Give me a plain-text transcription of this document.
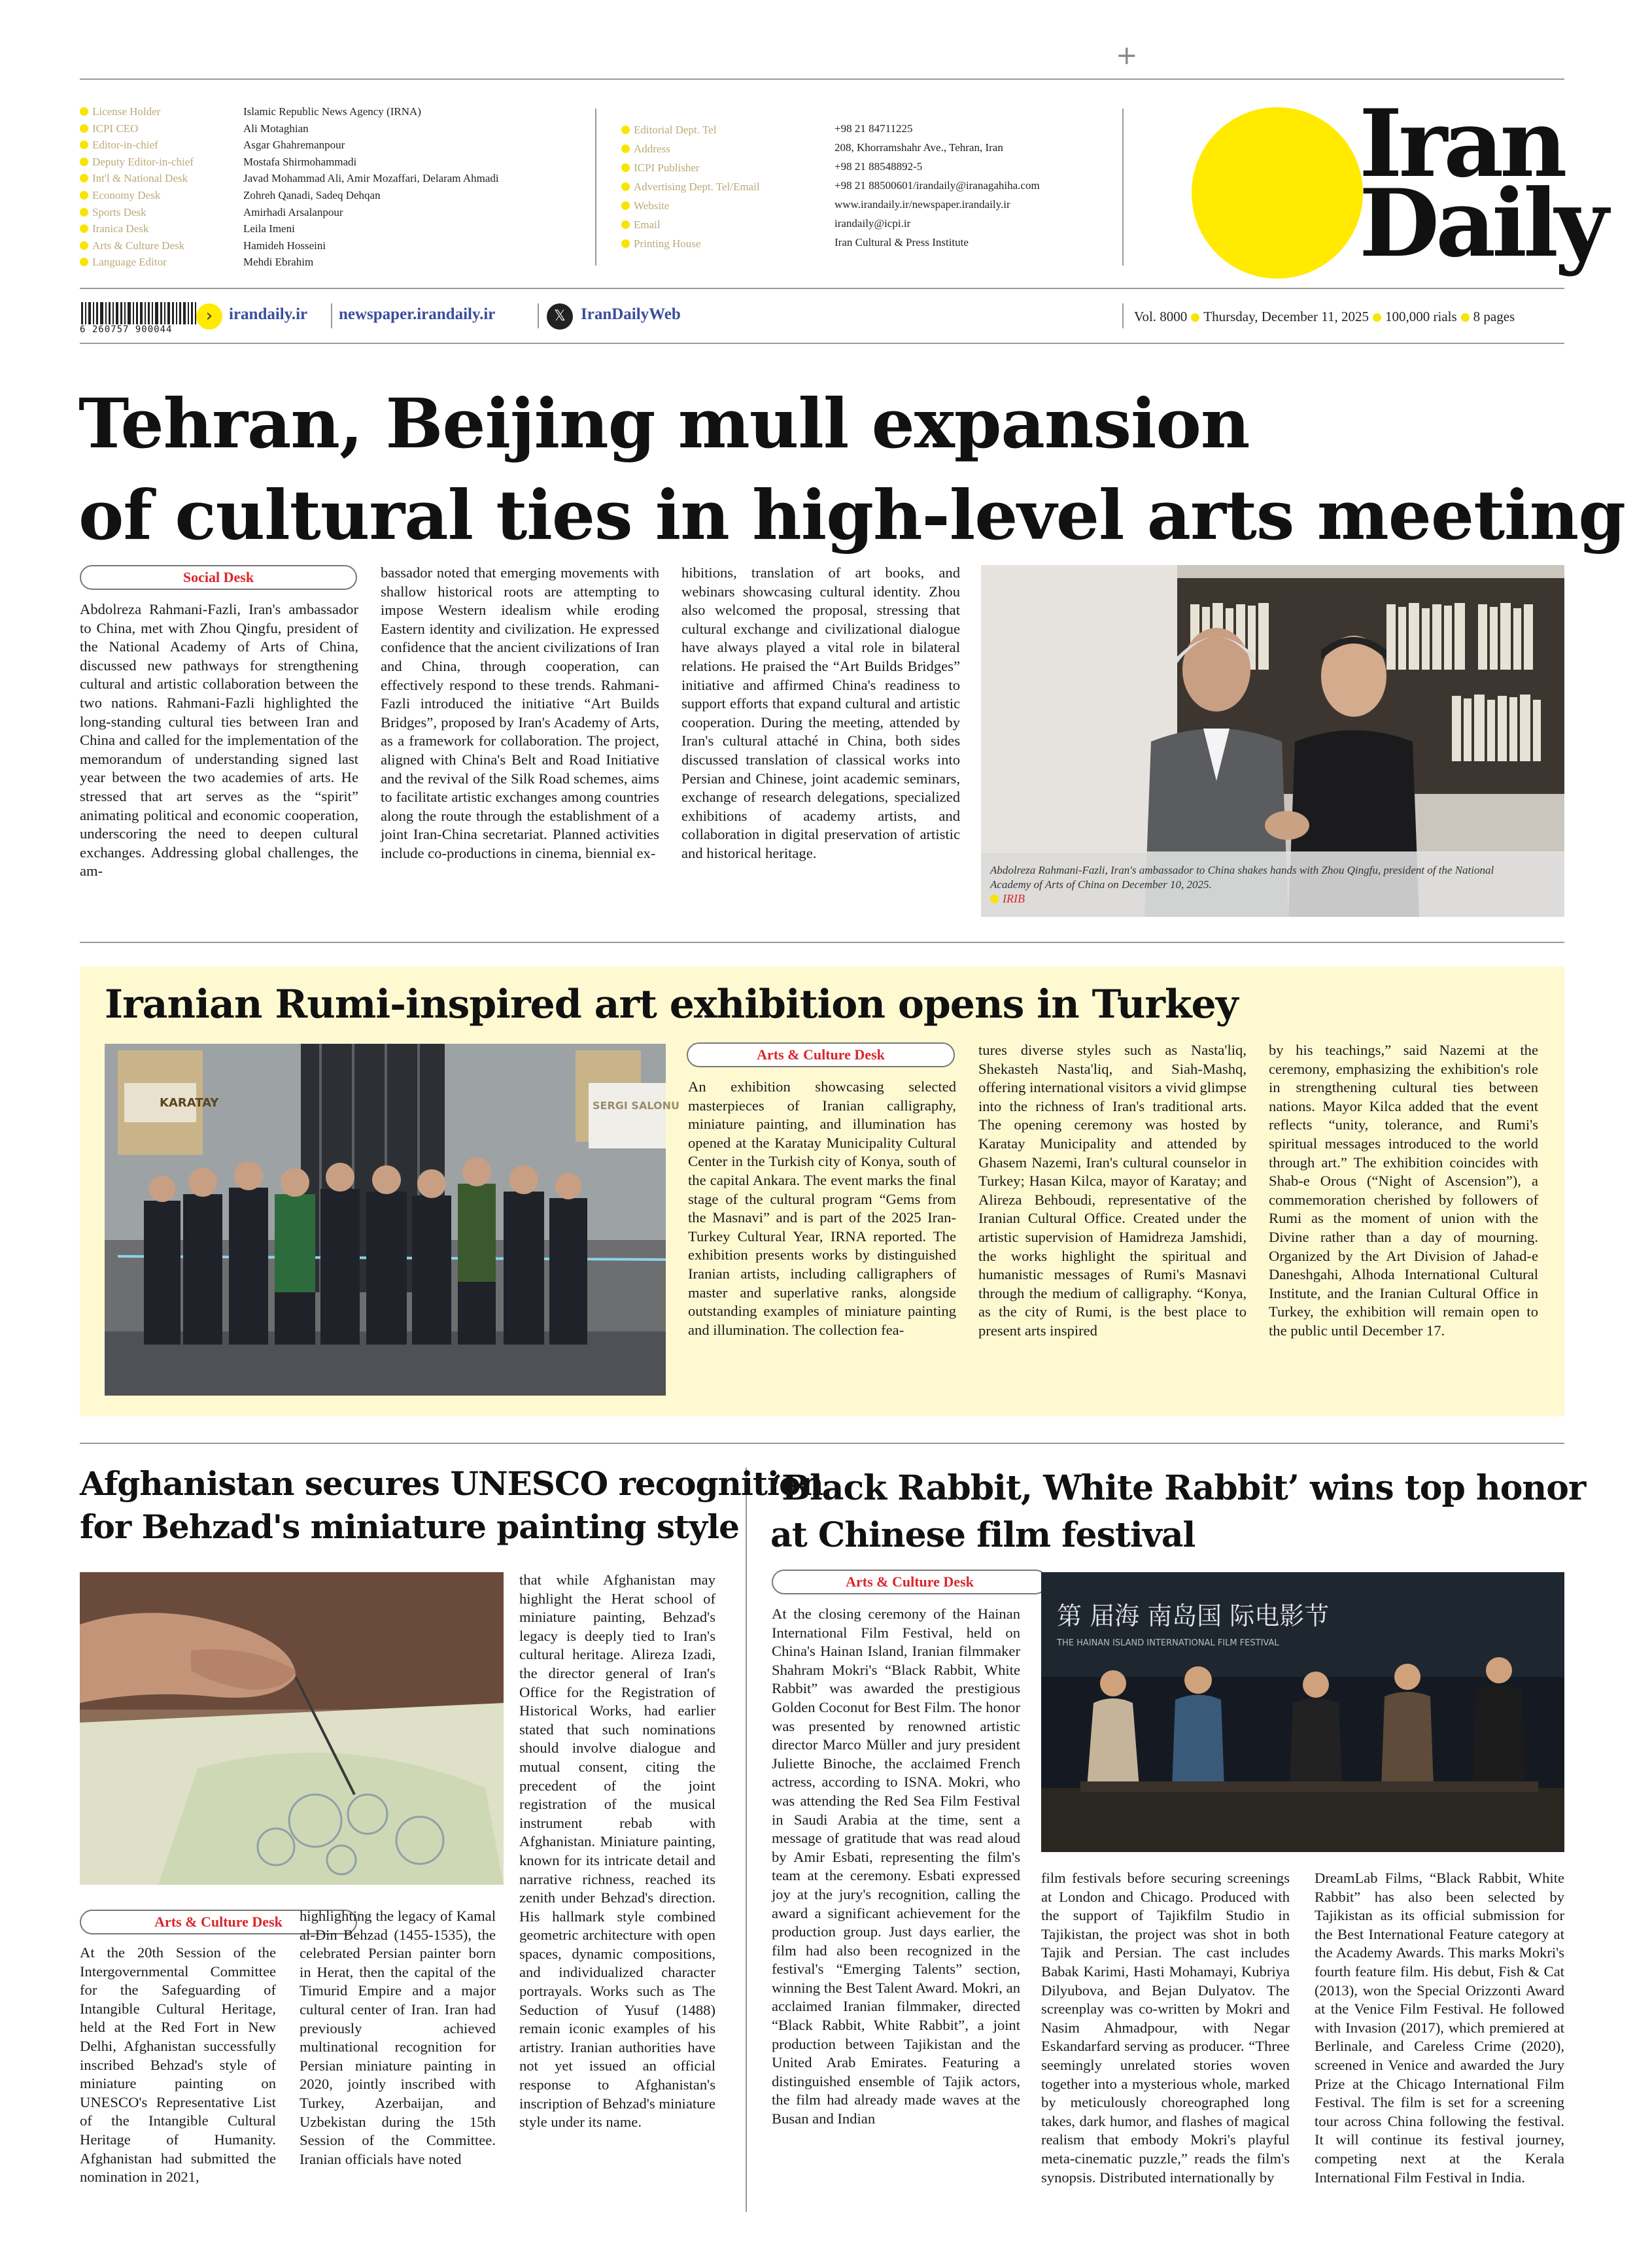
+
License Holder	Islamic Republic News Agency (IRNA)
ICPI CEO	Ali Motaghian
Editor-in-chief	Asgar Ghahremanpour
Deputy Editor-in-chief	Mostafa Shirmohammadi
Int'l & National Desk	Javad Mohammad Ali, Amir Mozaffari, Delaram Ahmadi
Economy Desk	Zohreh Qanadi, Sadeq Dehqan
Sports Desk	Amirhadi Arsalanpour
Iranica Desk	Leila Imeni
Arts & Culture Desk	Hamideh Hosseini
Language Editor	Mehdi Ebrahim
Editorial Dept. Tel	+98 21 84711225
Address	208, Khorramshahr Ave., Tehran, Iran
ICPI Publisher	+98 21 88548892-5
Advertising Dept. Tel/Email	+98 21 88500601/irandaily@iranagahiha.com
Website	www.irandaily.ir/newspaper.irandaily.ir
Email	irandaily@icpi.ir
Printing House	Iran Cultural & Press Institute
Iran
Daily
6 260757 900044
› irandaily.ir newspaper.irandaily.ir	𝕏 IranDailyWeb	Vol. 8000 Thursday, December 11, 2025 100,000 rials 8 pages
Tehran, Beijing mull expansion
of cultural ties in high-level arts meeting
Social Desk
Abdolreza Rahmani-Fazli, Iran's ambassador to China, met with Zhou Qingfu, president of the National Academy of Arts of China, discussed new pathways for strengthening cultural and artistic collaboration between the two nations. Rahmani-Fazli highlighted the long-standing cultural ties between Iran and China and called for the implementation of the memorandum of understanding signed last year between the two academies of arts. He stressed that art serves as the “spirit” animating political and economic cooperation, underscoring the need to deepen cultural exchanges. Addressing global challenges, the am-
bassador noted that emerging movements with shallow historical roots are attempting to impose Western idealism while eroding Eastern identity and civilization. He expressed confidence that the ancient civilizations of Iran and China, through cooperation, can effectively respond to these trends. Rahmani-Fazli introduced the initiative “Art Builds Bridges”, proposed by Iran's Academy of Arts, as a framework for collaboration. The project, aligned with China's Belt and Road Initiative and the revival of the Silk Road schemes, aims to facilitate artistic exchanges among countries along the route through the establishment of a joint Iran-China secretariat. Planned activities include co-productions in cinema, biennial ex-
hibitions, translation of art books, and webinars showcasing cultural identity. Zhou also welcomed the proposal, stressing that cultural exchange and civilizational dialogue have always played a vital role in bilateral relations. He praised the “Art Builds Bridges” initiative and affirmed China's readiness to support efforts that expand cultural and artistic cooperation. During the meeting, attended by Iran's cultural attaché in China, both sides discussed translation of classical works into Persian and Chinese, joint academic seminars, exchange of research delegations, specialized exhibitions of academy artists, and collaboration in digital preservation of artistic and historical heritage.
Abdolreza Rahmani-Fazli, Iran's ambassador to China shakes hands with Zhou Qingfu, president of the National Academy of Arts of China on December 10, 2025.
IRIB
Iranian Rumi-inspired art exhibition opens in Turkey
KARATAY	SERGI SALONU
Arts & Culture Desk
An exhibition showcasing selected masterpieces of Iranian calligraphy, miniature painting, and illumination has opened at the Karatay Municipality Cultural Center in the Turkish city of Konya, south of the capital Ankara. The event marks the final stage of the cultural program “Gems from the Masnavi” and is part of the 2025 Iran-Turkey Cultural Year, IRNA reported. The exhibition presents works by distinguished Iranian artists, including calligraphers of master and superlative ranks, alongside outstanding examples of miniature painting and illumination. The collection fea-
tures diverse styles such as Nasta'liq, Shekasteh Nasta'liq, and Siah-Mashq, offering international visitors a vivid glimpse into the richness of Iran's traditional arts. The opening ceremony was hosted by Karatay Municipality and attended by Ghasem Nazemi, Iran's cultural counselor in Turkey; Hasan Kilca, mayor of Karatay; and Alireza Behboudi, representative of the Iranian Cultural Office. Created under the artistic supervision of Hamidreza Jamshidi, the works highlight the spiritual and humanistic messages of Rumi's Masnavi through the medium of calligraphy. “Konya, as the city of Rumi, is the best place to present arts inspired
by his teachings,” said Nazemi at the ceremony, emphasizing the exhibition's role in strengthening cultural ties between nations. Mayor Kilca added that the event reflects “unity, tolerance, and Rumi's spiritual messages introduced to the world through art.” The exhibition coincides with Shab-e Orous (“Night of Ascension”), a commemoration cherished by followers of Rumi as the moment of union with the Divine rather than a day of mourning. Organized by the Art Division of Jahad-e Daneshgahi, Alhoda International Cultural Institute, and the Iranian Cultural Office in Turkey, the exhibition will remain open to the public until December 17.
Afghanistan secures UNESCO recognition
for Behzad's miniature painting style
Arts & Culture Desk
At the 20th Session of the Intergovernmental Committee for the Safeguarding of Intangible Cultural Heritage, held at the Red Fort in New Delhi, Afghanistan successfully inscribed Behzad's style of miniature painting on UNESCO's Representative List of the Intangible Cultural Heritage of Humanity. Afghanistan had submitted the nomination in 2021,
highlighting the legacy of Kamal al-Din Behzad (1455-1535), the celebrated Persian painter born in Herat, then the capital of the Timurid Empire and a major cultural center of Iran. Iran had previously achieved multinational recognition for Persian miniature painting in 2020, jointly inscribed with Turkey, Azerbaijan, and Uzbekistan during the 15th Session of the Committee. Iranian officials have noted
that while Afghanistan may highlight the Herat school of miniature painting, Behzad's legacy is deeply tied to Iran's cultural heritage. Alireza Izadi, the director general of Iran's Office for the Registration of Historical Works, had earlier stated that such nominations should involve dialogue and mutual consent, citing the precedent of the joint registration of the musical instrument rebab with Afghanistan. Miniature painting, known for its intricate detail and narrative richness, reached its zenith under Behzad's direction. His hallmark style combined geometric architecture with open spaces, dynamic compositions, and individualized character portrayals. Works such as The Seduction of Yusuf (1488) remain iconic examples of his artistry. Iranian authorities have not yet issued an official response to Afghanistan's inscription of Behzad's miniature style under its name.
‘Black Rabbit, White Rabbit’ wins top honor
at Chinese film festival
Arts & Culture Desk
At the closing ceremony of the Hainan International Film Festival, held on China's Hainan Island, Iranian filmmaker Shahram Mokri's “Black Rabbit, White Rabbit” was awarded the prestigious Golden Coconut for Best Film. The honor was presented by renowned artistic director Marco Müller and jury president Juliette Binoche, the acclaimed French actress, according to ISNA. Mokri, who was attending the Red Sea Film Festival in Saudi Arabia at the time, sent a message of gratitude that was read aloud by Amir Esbati, representing the film's team at the ceremony. Esbati expressed joy at the jury's recognition, calling the award a significant achievement for the production group. Just days earlier, the film had also been recognized in the festival's “Emerging Talents” section, winning the Best Talent Award. Mokri, an acclaimed Iranian filmmaker, directed “Black Rabbit, White Rabbit”, a joint production between Tajikistan and the United Arab Emirates. Featuring a distinguished ensemble of Tajik actors, the film had already made waves at the Busan and Indian
第 届海 南岛国 际电影节
THE HAINAN ISLAND INTERNATIONAL FILM FESTIVAL
film festivals before securing screenings at London and Chicago. Produced with the support of Tajikfilm Studio in Tajikistan, the project was shot in both Tajik and Persian. The cast includes Babak Karimi, Hasti Mohamayi, Kubriya Dilyubova, and Bejan Dulyatov. The screenplay was co-written by Mokri and Nasim Ahmadpour, with Negar Eskandarfard serving as producer. “Three seemingly unrelated stories woven together into a mysterious whole, marked by meticulously choreographed long takes, dark humor, and flashes of magical realism that embody Mokri's playful meta-cinematic puzzle,” reads the film's synopsis. Distributed internationally by
DreamLab Films, “Black Rabbit, White Rabbit” has also been selected by Tajikistan as its official submission for the Best International Feature category at the Academy Awards. This marks Mokri's fourth feature film. His debut, Fish & Cat (2013), won the Special Orizzonti Award at the Venice Film Festival. He followed with Invasion (2017), which premiered at Berlinale, and Careless Crime (2020), screened in Venice and awarded the Jury Prize at the Chicago International Film Festival. The film is set for a screening tour across China following the festival. It will continue its festival journey, competing next at the Kerala International Film Festival in India.
